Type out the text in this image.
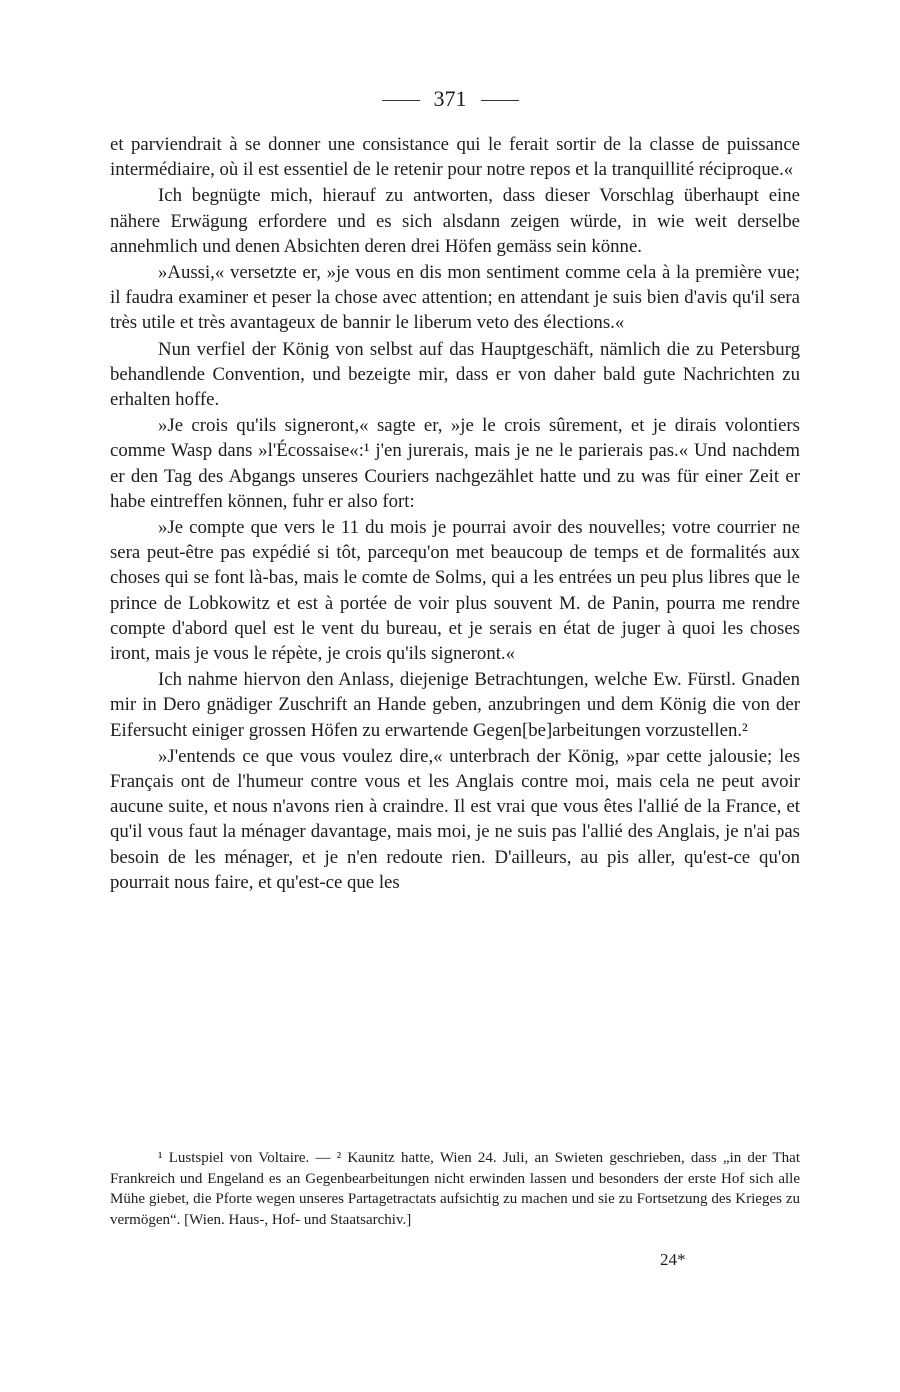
371

et parviendrait à se donner une consistance qui le ferait sortir de la classe de puissance intermédiaire, où il est essentiel de le retenir pour notre repos et la tranquillité réciproque.«

Ich begnügte mich, hierauf zu antworten, dass dieser Vorschlag überhaupt eine nähere Erwägung erfordere und es sich alsdann zeigen würde, in wie weit derselbe annehmlich und denen Absichten deren drei Höfen gemäss sein könne.

»Aussi,« versetzte er, »je vous en dis mon sentiment comme cela à la première vue; il faudra examiner et peser la chose avec attention; en attendant je suis bien d'avis qu'il sera très utile et très avantageux de bannir le liberum veto des élections.«

Nun verfiel der König von selbst auf das Hauptgeschäft, nämlich die zu Petersburg behandlende Convention, und bezeigte mir, dass er von daher bald gute Nachrichten zu erhalten hoffe.

»Je crois qu'ils signeront,« sagte er, »je le crois sûrement, et je dirais volontiers comme Wasp dans »l'Écossaise«:¹ j'en jurerais, mais je ne le parierais pas.« Und nachdem er den Tag des Abgangs unseres Couriers nachgezählet hatte und zu was für einer Zeit er habe eintreffen können, fuhr er also fort:

»Je compte que vers le 11 du mois je pourrai avoir des nouvelles; votre courrier ne sera peut-être pas expédié si tôt, parcequ'on met beaucoup de temps et de formalités aux choses qui se font là-bas, mais le comte de Solms, qui a les entrées un peu plus libres que le prince de Lobkowitz et est à portée de voir plus souvent M. de Panin, pourra me rendre compte d'abord quel est le vent du bureau, et je serais en état de juger à quoi les choses iront, mais je vous le répète, je crois qu'ils signeront.«

Ich nahme hiervon den Anlass, diejenige Betrachtungen, welche Ew. Fürstl. Gnaden mir in Dero gnädiger Zuschrift an Hande geben, anzubringen und dem König die von der Eifersucht einiger grossen Höfen zu erwartende Gegen[be]arbeitungen vorzustellen.²

»J'entends ce que vous voulez dire,« unterbrach der König, »par cette jalousie; les Français ont de l'humeur contre vous et les Anglais contre moi, mais cela ne peut avoir aucune suite, et nous n'avons rien à craindre. Il est vrai que vous êtes l'allié de la France, et qu'il vous faut la ménager davantage, mais moi, je ne suis pas l'allié des Anglais, je n'ai pas besoin de les ménager, et je n'en redoute rien. D'ailleurs, au pis aller, qu'est-ce qu'on pourrait nous faire, et qu'est-ce que les

¹ Lustspiel von Voltaire. — ² Kaunitz hatte, Wien 24. Juli, an Swieten geschrieben, dass „in der That Frankreich und Engeland es an Gegenbearbeitungen nicht erwinden lassen und besonders der erste Hof sich alle Mühe giebet, die Pforte wegen unseres Partagetractats aufsichtig zu machen und sie zu Fortsetzung des Krieges zu vermögen“. [Wien. Haus-, Hof- und Staatsarchiv.]

24*
